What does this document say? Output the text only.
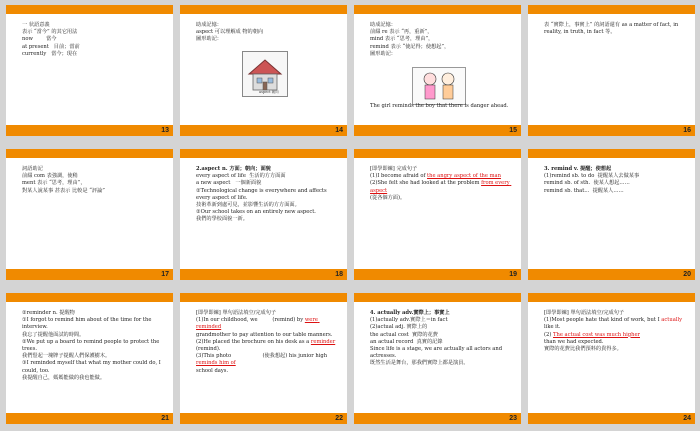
一 状語意義

表示 “當今” 的其它用法

now        當今

at present   目前；當前

currently   當今；現在

13

助成記憶：

aspect 可以理解成 物的朝向

圖形助記：

aspect 朝向
14

助成記憶：

前綴 re 表示 “再，重新”，

mind 表示 “思考，理由”，

remind 表示 “使記得；使想起”，

圖形助記：

The girl reminds the boy that there is danger ahead.

15

表 “實際上，事實上” 的詞語還有 as a matter of fact, in reality, in truth, in fact 等。

16

詞語助記

前綴 com 表強調，使稍

ment 表示 “思考，理由”，

對某人說某事 甚表示 比較是 “評論”

17

2.aspect n. 方面；朝向；面貌

every aspect of life  生活的方方面面

a new aspect   一個新面貌

②Technological change is everywhere and affects every aspect of life.

技術革新到處可見，並影響生活的方方面面。

②Our school takes on an entirely new aspect.

我們的學校面貌一新。

18

[即學即練] 完成句子

(1)I become afraid of the angry aspect of the man

(2)She felt she had looked at the problem from every aspect

(從各個方面)。

19

3. remind v. 提醒；使想起

(1)remind sb. to do  提醒某人去做某事

remind sb. of sth.  使某人想起……

remind sb. that...  提醒某人……

20

②reminder n. 提醒物

①I forgot to remind him about of the time for the interview.

我忘了提醒他面試的時間。

②We put up a board to remind people to protect the trees.

我們豎起一塊牌子提醒人們保護樹木。

③I reminded myself that what my mother could do, I could, too.

我提醒自己，媽媽能做的我也能做。

21

[即學即練] 單句語法填空/完成句子

(1)In our childhood, we         (remind) by were reminded

grandmother to pay attention to our table manners.

(2)He placed the brochure on his desk as a reminder

(remind).

(3)This photo                   (使我想起) his junior high reminds him of

school days.

22

4. actually adv.實際上；事實上

(1)actually adv.實際上＝in fact

(2)actual adj. 實際上的

the actual cost  實際的花費

an actual record  真實的記錄

Since life is a stage, we are actually all actors and actresses.

既然生活是舞台，那我們實際上都是演員。

23

[即學即練] 單句語法填空/完成句子

(1)Most people hate that kind of work, but I actually

like it.

(2) The actual cost was much higher

than we had expected.

實際的花費比我們預料的貴得多。

24
